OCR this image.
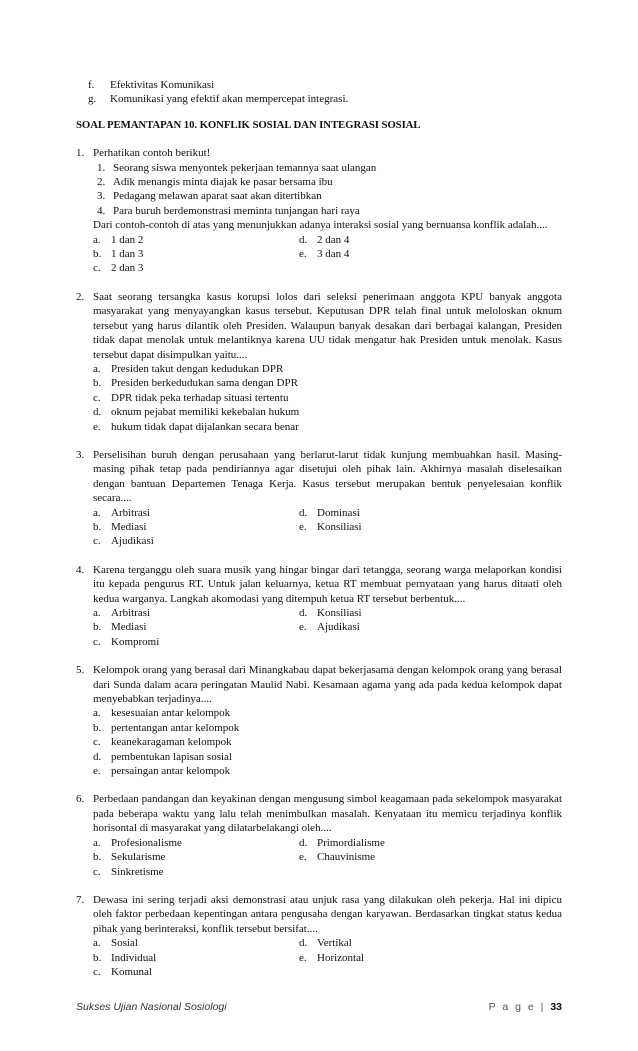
f.	Efektivitas Komunikasi
g.	Komunikasi yang efektif akan mempercepat integrasi.
SOAL PEMANTAPAN 10. KONFLIK SOSIAL DAN INTEGRASI SOSIAL
1. Perhatikan contoh berikut!
1. Seorang siswa menyontek pekerjaan temannya saat ulangan
2. Adik menangis minta diajak ke pasar bersama ibu
3. Pedagang melawan aparat saat akan ditertibkan
4. Para buruh berdemonstrasi meminta tunjangan hari raya
Dari contoh-contoh di atas yang menunjukkan adanya interaksi sosial yang bernuansa konflik adalah....
a. 1 dan 2	d. 2 dan 4
b. 1 dan 3	e. 3 dan 4
c. 2 dan 3
2. Saat seorang tersangka kasus korupsi lolos dari seleksi penerimaan anggota KPU banyak anggota masyarakat yang menyayangkan kasus tersebut. Keputusan DPR telah final untuk meloloskan oknum tersebut yang harus dilantik oleh Presiden. Walaupun banyak desakan dari berbagai kalangan, Presiden tidak dapat menolak untuk melantiknya karena UU tidak mengatur hak Presiden untuk menolak. Kasus tersebut dapat disimpulkan yaitu....
a. Presiden takut dengan kedudukan DPR
b. Presiden berkedudukan sama dengan DPR
c. DPR tidak peka terhadap situasi tertentu
d. oknum pejabat memiliki kekebalan hukum
e. hukum tidak dapat dijalankan secara benar
3. Perselisihan buruh dengan perusahaan yang berlarut-larut tidak kunjung membuahkan hasil. Masing-masing pihak tetap pada pendiriannya agar disetujui oleh pihak lain. Akhirnya masalah diselesaikan dengan bantuan Departemen Tenaga Kerja. Kasus tersebut merupakan bentuk penyelesaian konflik secara....
a. Arbitrasi	d. Dominasi
b. Mediasi	e. Konsiliasi
c. Ajudikasi
4. Karena terganggu oleh suara musik yang hingar bingar dari tetangga, seorang warga melaporkan kondisi itu kepada pengurus RT. Untuk jalan keluarnya, ketua RT membuat pernyataan yang harus ditaati oleh kedua warganya. Langkah akomodasi yang ditempuh ketua RT tersebut berbentuk....
a. Arbitrasi	d. Konsiliasi
b. Mediasi	e. Ajudikasi
c. Kompromi
5. Kelompok orang yang berasal dari Minangkabau dapat bekerjasama dengan kelompok orang yang berasal dari Sunda dalam acara peringatan Maulid Nabi. Kesamaan agama yang ada pada kedua kelompok dapat menyebabkan terjadinya....
a. kesesuaian antar kelompok
b. pertentangan antar kelompok
c. keanekaragaman kelompok
d. pembentukan lapisan sosial
e. persaingan antar kelompok
6. Perbedaan pandangan dan keyakinan dengan mengusung simbol keagamaan pada sekelompok masyarakat pada beberapa waktu yang lalu telah menimbulkan masalah. Kenyataan itu memicu terjadinya konflik horisontal di masyarakat yang dilatarbelakangi oleh....
a. Profesionalisme	d. Primordialisme
b. Sekularisme	e. Chauvinisme
c. Sinkretisme
7. Dewasa ini sering terjadi aksi demonstrasi atau unjuk rasa yang dilakukan oleh pekerja. Hal ini dipicu oleh faktor perbedaan kepentingan antara pengusaha dengan karyawan. Berdasarkan tingkat status kedua pihak yang berinteraksi, konflik tersebut bersifat....
a. Sosial	d. Vertikal
b. Individual	e. Horizontal
c. Komunal
Sukses Ujian Nasional Sosiologi	P a g e | 33
